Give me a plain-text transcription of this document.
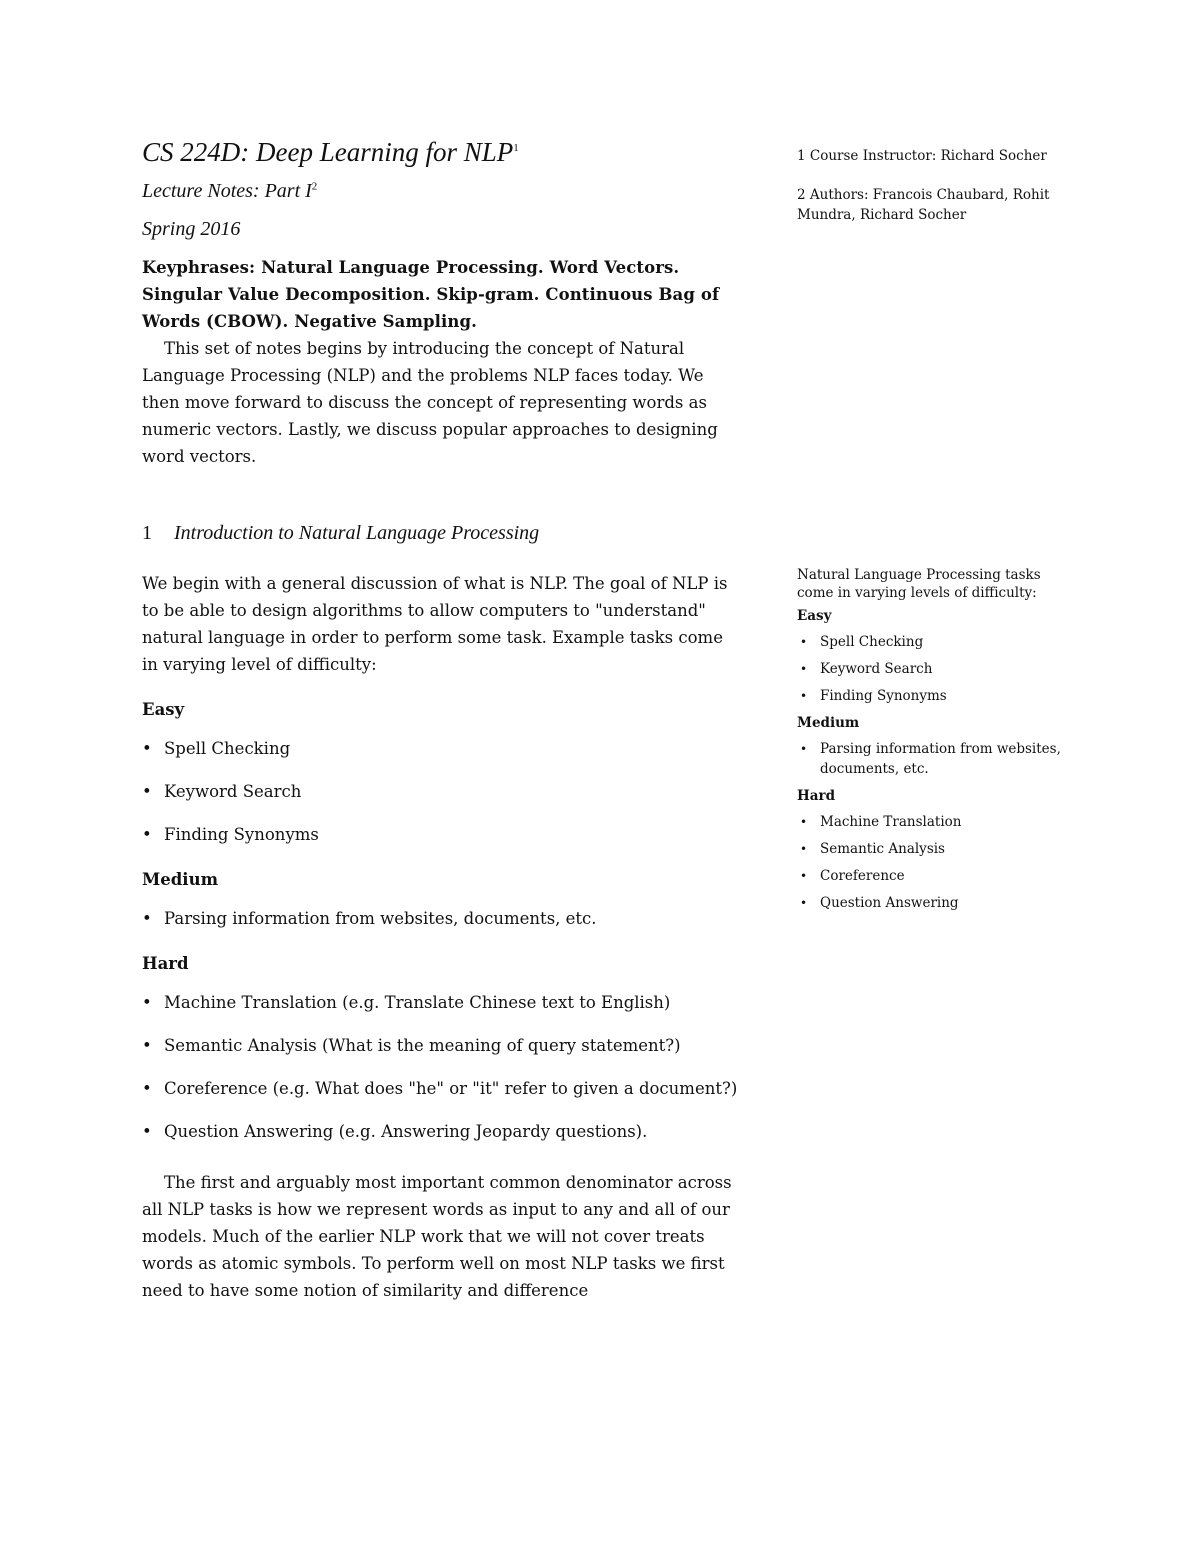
CS 224D: Deep Learning for NLP$^1$
Lecture Notes: Part $I^2$
Spring 2016

Keyphrases: Natural Language Processing. Word Vectors. Singular Value Decomposition. Skip-gram. Continuous Bag of Words (CBOW). Negative Sampling.

This set of notes begins by introducing the concept of Natural Language Processing (NLP) and the problems NLP faces today. We then move forward to discuss the concept of representing words as numeric vectors. Lastly, we discuss popular approaches to designing word vectors.

1 Introduction to Natural Language Processing

We begin with a general discussion of what is NLP. The goal of NLP is to be able to design algorithms to allow computers to "understand" natural language in order to perform some task. Example tasks come in varying level of difficulty:

Easy
• Spell Checking
• Keyword Search
• Finding Synonyms
Medium
• Parsing information from websites, documents, etc.
Hard
• Machine Translation (e.g. Translate Chinese text to English)
• Semantic Analysis (What is the meaning of query statement?)
• Coreference (e.g. What does "he" or "it" refer to given a document?)
• Question Answering (e.g. Answering Jeopardy questions).

The first and arguably most important common denominator across all NLP tasks is how we represent words as input to any and all of our models. Much of the earlier NLP work that we will not cover treats words as atomic symbols. To perform well on most NLP tasks we first need to have some notion of similarity and difference

1 Course Instructor: Richard Socher
2 Authors: Francois Chaubard, Rohit Mundra, Richard Socher
Natural Language Processing tasks come in varying levels of difficulty:
Easy
• Spell Checking
• Keyword Search
• Finding Synonyms
Medium
• Parsing information from websites, documents, etc.
Hard
• Machine Translation
• Semantic Analysis
• Coreference
• Question Answering
